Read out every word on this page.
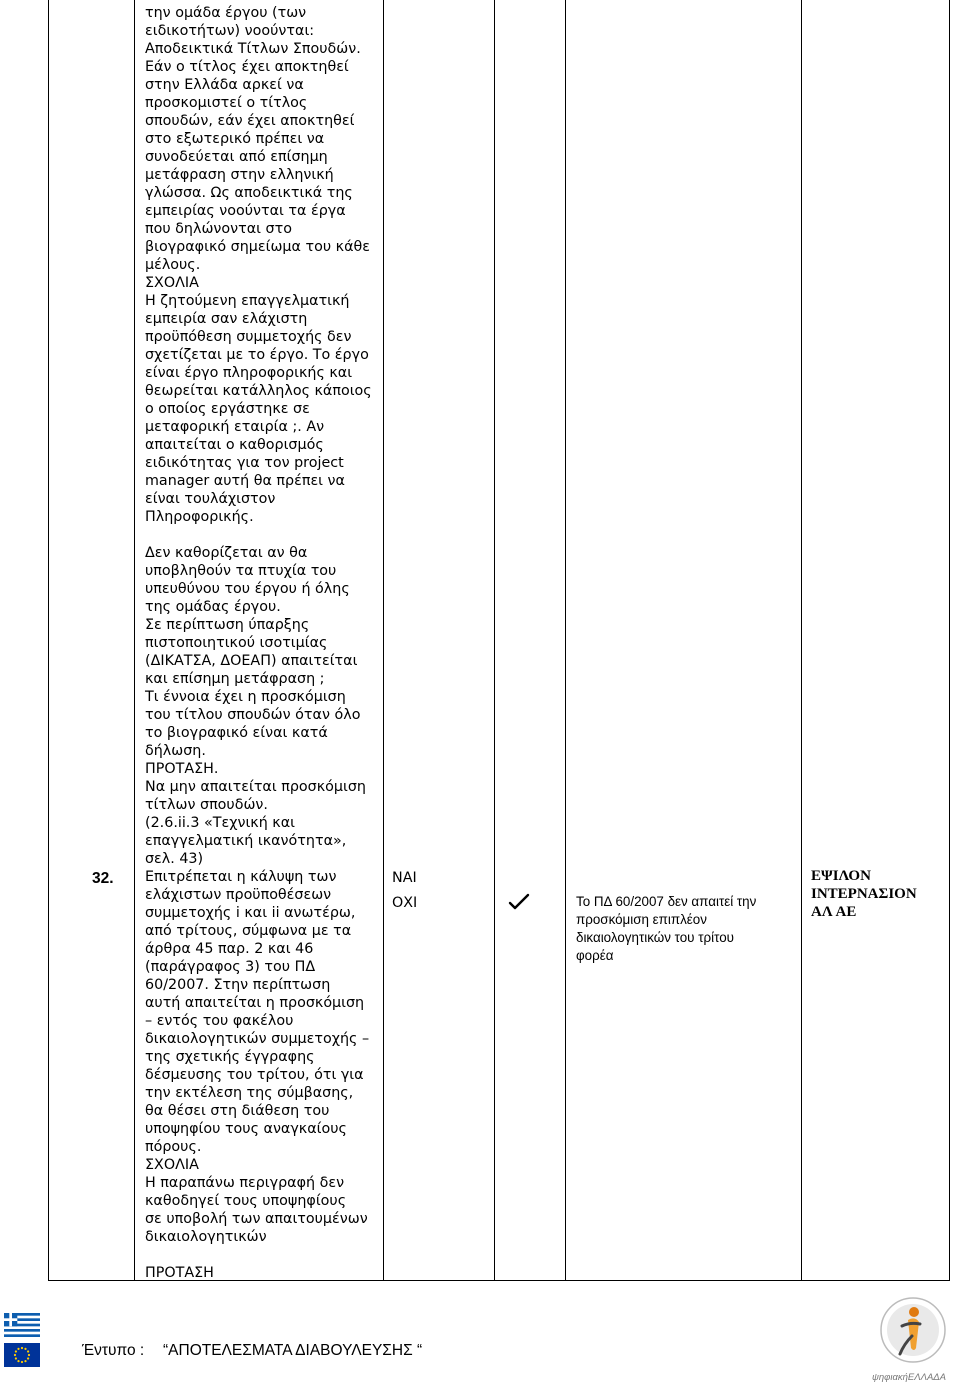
32.

την ομάδα έργου (των
ειδικοτήτων) νοούνται:
Αποδεικτικά Τίτλων Σπουδών.
Εάν ο τίτλος έχει αποκτηθεί
στην Ελλάδα αρκεί να
προσκομιστεί ο τίτλος
σπουδών, εάν έχει αποκτηθεί
στο εξωτερικό πρέπει να
συνοδεύεται από επίσημη
μετάφραση στην ελληνική
γλώσσα. Ως αποδεικτικά της
εμπειρίας νοούνται τα έργα
που δηλώνονται στο
βιογραφικό σημείωμα του κάθε
μέλους.
ΣΧΟΛΙΑ
Η ζητούμενη επαγγελματική
εμπειρία σαν ελάχιστη
προϋπόθεση συμμετοχής δεν
σχετίζεται με το έργο. Το έργο
είναι έργο πληροφορικής και
θεωρείται κατάλληλος κάποιος
ο οποίος εργάστηκε σε
μεταφορική εταιρία ;. Αν
απαιτείται ο καθορισμός
ειδικότητας για τον project
manager αυτή θα πρέπει να
είναι τουλάχιστον
Πληροφορικής.

Δεν καθορίζεται αν θα
υποβληθούν τα πτυχία του
υπευθύνου του έργου ή όλης
της ομάδας έργου.
Σε περίπτωση ύπαρξης
πιστοποιητικού ισοτιμίας
(ΔΙΚΑΤΣΑ, ΔΟΕΑΠ) απαιτείται
και επίσημη μετάφραση ;
Τι έννοια έχει η προσκόμιση
του τίτλου σπουδών όταν όλο
το βιογραφικό είναι κατά
δήλωση.
ΠΡΟΤΑΣΗ.
Να μην απαιτείται προσκόμιση
τίτλων σπουδών.
(2.6.ii.3 «Τεχνική και
επαγγελματική ικανότητα»,
σελ. 43)
Επιτρέπεται η κάλυψη των
ελάχιστων προϋποθέσεων
συμμετοχής i και ii ανωτέρω,
από τρίτους, σύμφωνα με τα
άρθρα 45 παρ. 2 και 46
(παράγραφος 3) του ΠΔ
60/2007. Στην περίπτωση
αυτή απαιτείται η προσκόμιση
– εντός του φακέλου
δικαιολογητικών συμμετοχής –
της σχετικής έγγραφης
δέσμευσης του τρίτου, ότι για
την εκτέλεση της σύμβασης,
θα θέσει στη διάθεση του
υποψηφίου τους αναγκαίους
πόρους.
ΣΧΟΛΙΑ
Η παραπάνω περιγραφή δεν
καθοδηγεί τους υποψηφίους
σε υποβολή των απαιτουμένων
δικαιολογητικών

ΠΡΟΤΑΣΗ

ΝΑΙ
ΟΧΙ	Το ΠΔ 60/2007 δεν απαιτεί την
προσκόμιση επιπλέον
δικαιολογητικών του τρίτου
φορέα
ΕΨΙΛΟΝ
ΙΝΤΕΡΝΑΣΙΟΝ
ΑΛ ΑΕ
Έντυπο : “ΑΠΟΤΕΛΕΣΜΑΤΑ ΔΙΑΒΟΥΛΕΥΣΗΣ “
ψηφιακήΕΛΛΑΔΑ
